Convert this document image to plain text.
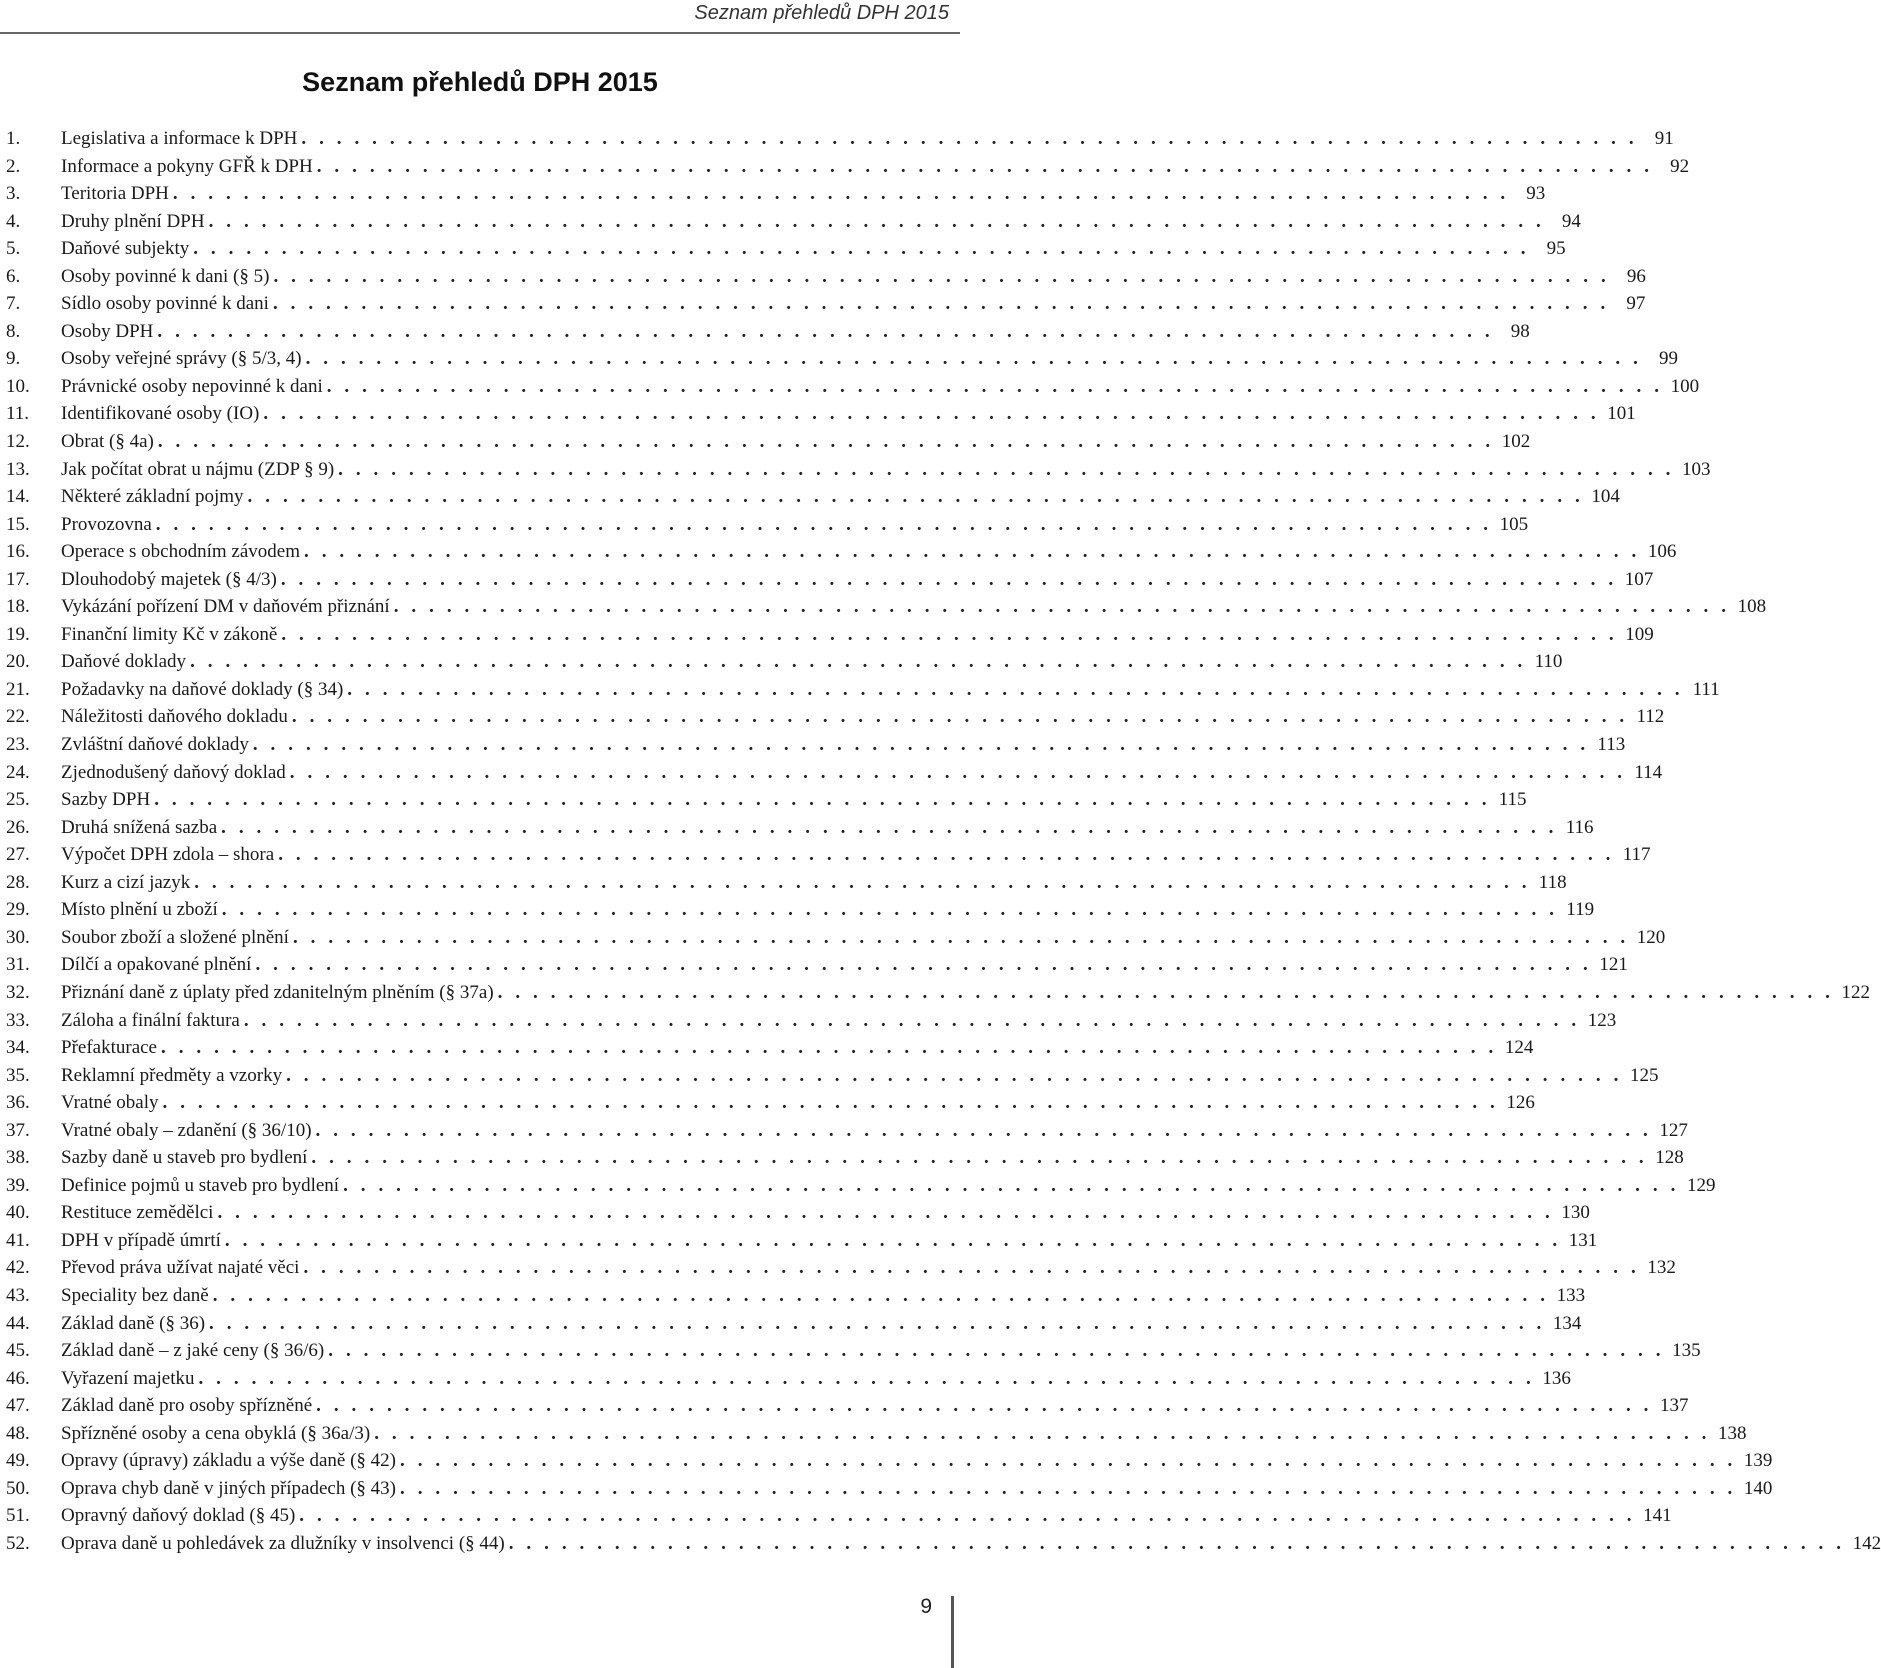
Seznam přehledů DPH 2015
Seznam přehledů DPH 2015
1.	Legislativa a informace k DPH . . . . . . . . . . . . . . . . . . . . . . . . . . . . . . . . . . . . . . . . . . . . . . . . . . . . . . . . . . . . . . . . . . . . . . . . . . . . 91
2.	Informace a pokyny GFŘ k DPH . . . . . . . . . . . . . . . . . . . . . . . . . . . . . . . . . . . . . . . . . . . . . . . . . . . . . . . . . . . . . . . . . . . . . . . . . . . . 92
3.	Teritoria DPH . . . . . . . . . . . . . . . . . . . . . . . . . . . . . . . . . . . . . . . . . . . . . . . . . . . . . . . . . . . . . . . . . . . . . . . . . . . . 93
4.	Druhy plnění DPH . . . . . . . . . . . . . . . . . . . . . . . . . . . . . . . . . . . . . . . . . . . . . . . . . . . . . . . . . . . . . . . . . . . . . . . . . . . . 94
5.	Daňové subjekty . . . . . . . . . . . . . . . . . . . . . . . . . . . . . . . . . . . . . . . . . . . . . . . . . . . . . . . . . . . . . . . . . . . . . . . . . . . . 95
6.	Osoby povinné k dani (§ 5) . . . . . . . . . . . . . . . . . . . . . . . . . . . . . . . . . . . . . . . . . . . . . . . . . . . . . . . . . . . . . . . . . . . . . . . . . . . . 96
7.	Sídlo osoby povinné k dani . . . . . . . . . . . . . . . . . . . . . . . . . . . . . . . . . . . . . . . . . . . . . . . . . . . . . . . . . . . . . . . . . . . . . . . . . . . . 97
8.	Osoby DPH . . . . . . . . . . . . . . . . . . . . . . . . . . . . . . . . . . . . . . . . . . . . . . . . . . . . . . . . . . . . . . . . . . . . . . . . . . . . 98
9.	Osoby veřejné správy (§ 5/3, 4) . . . . . . . . . . . . . . . . . . . . . . . . . . . . . . . . . . . . . . . . . . . . . . . . . . . . . . . . . . . . . . . . . . . . . . . . . . . . 99
10.	Právnické osoby nepovinné k dani . . . . . . . . . . . . . . . . . . . . . . . . . . . . . . . . . . . . . . . . . . . . . . . . . . . . . . . . . . . . . . . . . . . . . . . . . . . . 100
11.	Identifikované osoby (IO) . . . . . . . . . . . . . . . . . . . . . . . . . . . . . . . . . . . . . . . . . . . . . . . . . . . . . . . . . . . . . . . . . . . . . . . . . . . . 101
12.	Obrat (§ 4a) . . . . . . . . . . . . . . . . . . . . . . . . . . . . . . . . . . . . . . . . . . . . . . . . . . . . . . . . . . . . . . . . . . . . . . . . . . . . 102
13.	Jak počítat obrat u nájmu (ZDP § 9) . . . . . . . . . . . . . . . . . . . . . . . . . . . . . . . . . . . . . . . . . . . . . . . . . . . . . . . . . . . . . . . . . . . . . . . . . . . . 103
14.	Některé základní pojmy . . . . . . . . . . . . . . . . . . . . . . . . . . . . . . . . . . . . . . . . . . . . . . . . . . . . . . . . . . . . . . . . . . . . . . . . . . . . 104
15.	Provozovna . . . . . . . . . . . . . . . . . . . . . . . . . . . . . . . . . . . . . . . . . . . . . . . . . . . . . . . . . . . . . . . . . . . . . . . . . . . . 105
16.	Operace s obchodním závodem . . . . . . . . . . . . . . . . . . . . . . . . . . . . . . . . . . . . . . . . . . . . . . . . . . . . . . . . . . . . . . . . . . . . . . . . . . . . 106
17.	Dlouhodobý majetek (§ 4/3) . . . . . . . . . . . . . . . . . . . . . . . . . . . . . . . . . . . . . . . . . . . . . . . . . . . . . . . . . . . . . . . . . . . . . . . . . . . . 107
18.	Vykázání pořízení DM v daňovém přiznání . . . . . . . . . . . . . . . . . . . . . . . . . . . . . . . . . . . . . . . . . . . . . . . . . . . . . . . . . . . . . . . . . . . . . . . . . . . . 108
19.	Finanční limity Kč v zákoně . . . . . . . . . . . . . . . . . . . . . . . . . . . . . . . . . . . . . . . . . . . . . . . . . . . . . . . . . . . . . . . . . . . . . . . . . . . . 109
20.	Daňové doklady . . . . . . . . . . . . . . . . . . . . . . . . . . . . . . . . . . . . . . . . . . . . . . . . . . . . . . . . . . . . . . . . . . . . . . . . . . . . 110
21.	Požadavky na daňové doklady (§ 34) . . . . . . . . . . . . . . . . . . . . . . . . . . . . . . . . . . . . . . . . . . . . . . . . . . . . . . . . . . . . . . . . . . . . . . . . . . . . 111
22.	Náležitosti daňového dokladu . . . . . . . . . . . . . . . . . . . . . . . . . . . . . . . . . . . . . . . . . . . . . . . . . . . . . . . . . . . . . . . . . . . . . . . . . . . . 112
23.	Zvláštní daňové doklady . . . . . . . . . . . . . . . . . . . . . . . . . . . . . . . . . . . . . . . . . . . . . . . . . . . . . . . . . . . . . . . . . . . . . . . . . . . . 113
24.	Zjednodušený daňový doklad . . . . . . . . . . . . . . . . . . . . . . . . . . . . . . . . . . . . . . . . . . . . . . . . . . . . . . . . . . . . . . . . . . . . . . . . . . . . 114
25.	Sazby DPH . . . . . . . . . . . . . . . . . . . . . . . . . . . . . . . . . . . . . . . . . . . . . . . . . . . . . . . . . . . . . . . . . . . . . . . . . . . . 115
26.	Druhá snížená sazba . . . . . . . . . . . . . . . . . . . . . . . . . . . . . . . . . . . . . . . . . . . . . . . . . . . . . . . . . . . . . . . . . . . . . . . . . . . . 116
27.	Výpočet DPH zdola – shora . . . . . . . . . . . . . . . . . . . . . . . . . . . . . . . . . . . . . . . . . . . . . . . . . . . . . . . . . . . . . . . . . . . . . . . . . . . . 117
28.	Kurz a cizí jazyk . . . . . . . . . . . . . . . . . . . . . . . . . . . . . . . . . . . . . . . . . . . . . . . . . . . . . . . . . . . . . . . . . . . . . . . . . . . . 118
29.	Místo plnění u zboží . . . . . . . . . . . . . . . . . . . . . . . . . . . . . . . . . . . . . . . . . . . . . . . . . . . . . . . . . . . . . . . . . . . . . . . . . . . . 119
30.	Soubor zboží a složené plnění . . . . . . . . . . . . . . . . . . . . . . . . . . . . . . . . . . . . . . . . . . . . . . . . . . . . . . . . . . . . . . . . . . . . . . . . . . . . 120
31.	Dílčí a opakované plnění . . . . . . . . . . . . . . . . . . . . . . . . . . . . . . . . . . . . . . . . . . . . . . . . . . . . . . . . . . . . . . . . . . . . . . . . . . . . 121
32.	Přiznání daně z úplaty před zdanitelným plněním (§ 37a) . . . . . . . . . . . . . . . . . . . . . . . . . . . . . . . . . . . . . . . . . . . . . . . . . . . . . . . . . . . . . . . . . . . . . . . . . . . . 122
33.	Záloha a finální faktura . . . . . . . . . . . . . . . . . . . . . . . . . . . . . . . . . . . . . . . . . . . . . . . . . . . . . . . . . . . . . . . . . . . . . . . . . . . . 123
34.	Přefakturace . . . . . . . . . . . . . . . . . . . . . . . . . . . . . . . . . . . . . . . . . . . . . . . . . . . . . . . . . . . . . . . . . . . . . . . . . . . . 124
35.	Reklamní předměty a vzorky . . . . . . . . . . . . . . . . . . . . . . . . . . . . . . . . . . . . . . . . . . . . . . . . . . . . . . . . . . . . . . . . . . . . . . . . . . . . 125
36.	Vratné obaly . . . . . . . . . . . . . . . . . . . . . . . . . . . . . . . . . . . . . . . . . . . . . . . . . . . . . . . . . . . . . . . . . . . . . . . . . . . . 126
37.	Vratné obaly – zdanění (§ 36/10) . . . . . . . . . . . . . . . . . . . . . . . . . . . . . . . . . . . . . . . . . . . . . . . . . . . . . . . . . . . . . . . . . . . . . . . . . . . . 127
38.	Sazby daně u staveb pro bydlení . . . . . . . . . . . . . . . . . . . . . . . . . . . . . . . . . . . . . . . . . . . . . . . . . . . . . . . . . . . . . . . . . . . . . . . . . . . . 128
39.	Definice pojmů u staveb pro bydlení . . . . . . . . . . . . . . . . . . . . . . . . . . . . . . . . . . . . . . . . . . . . . . . . . . . . . . . . . . . . . . . . . . . . . . . . . . . . 129
40.	Restituce zemědělci . . . . . . . . . . . . . . . . . . . . . . . . . . . . . . . . . . . . . . . . . . . . . . . . . . . . . . . . . . . . . . . . . . . . . . . . . . . . 130
41.	DPH v případě úmrtí . . . . . . . . . . . . . . . . . . . . . . . . . . . . . . . . . . . . . . . . . . . . . . . . . . . . . . . . . . . . . . . . . . . . . . . . . . . . 131
42.	Převod práva užívat najaté věci . . . . . . . . . . . . . . . . . . . . . . . . . . . . . . . . . . . . . . . . . . . . . . . . . . . . . . . . . . . . . . . . . . . . . . . . . . . . 132
43.	Speciality bez daně . . . . . . . . . . . . . . . . . . . . . . . . . . . . . . . . . . . . . . . . . . . . . . . . . . . . . . . . . . . . . . . . . . . . . . . . . . . . 133
44.	Základ daně (§ 36) . . . . . . . . . . . . . . . . . . . . . . . . . . . . . . . . . . . . . . . . . . . . . . . . . . . . . . . . . . . . . . . . . . . . . . . . . . . . 134
45.	Základ daně – z jaké ceny (§ 36/6) . . . . . . . . . . . . . . . . . . . . . . . . . . . . . . . . . . . . . . . . . . . . . . . . . . . . . . . . . . . . . . . . . . . . . . . . . . . . 135
46.	Vyřazení majetku . . . . . . . . . . . . . . . . . . . . . . . . . . . . . . . . . . . . . . . . . . . . . . . . . . . . . . . . . . . . . . . . . . . . . . . . . . . . 136
47.	Základ daně pro osoby spřízněné . . . . . . . . . . . . . . . . . . . . . . . . . . . . . . . . . . . . . . . . . . . . . . . . . . . . . . . . . . . . . . . . . . . . . . . . . . . . 137
48.	Spřízněné osoby a cena obyklá (§ 36a/3) . . . . . . . . . . . . . . . . . . . . . . . . . . . . . . . . . . . . . . . . . . . . . . . . . . . . . . . . . . . . . . . . . . . . . . . . . . . . 138
49.	Opravy (úpravy) základu a výše daně (§ 42) . . . . . . . . . . . . . . . . . . . . . . . . . . . . . . . . . . . . . . . . . . . . . . . . . . . . . . . . . . . . . . . . . . . . . . . . . . . . 139
50.	Oprava chyb daně v jiných případech (§ 43) . . . . . . . . . . . . . . . . . . . . . . . . . . . . . . . . . . . . . . . . . . . . . . . . . . . . . . . . . . . . . . . . . . . . . . . . . . . . 140
51.	Opravný daňový doklad (§ 45) . . . . . . . . . . . . . . . . . . . . . . . . . . . . . . . . . . . . . . . . . . . . . . . . . . . . . . . . . . . . . . . . . . . . . . . . . . . . 141
52.	Oprava daně u pohledávek za dlužníky v insolvenci (§ 44) . . . . . . . . . . . . . . . . . . . . . . . . . . . . . . . . . . . . . . . . . . . . . . . . . . . . . . . . . . . . . . . . . . . . . . . . . . . . 142
9
